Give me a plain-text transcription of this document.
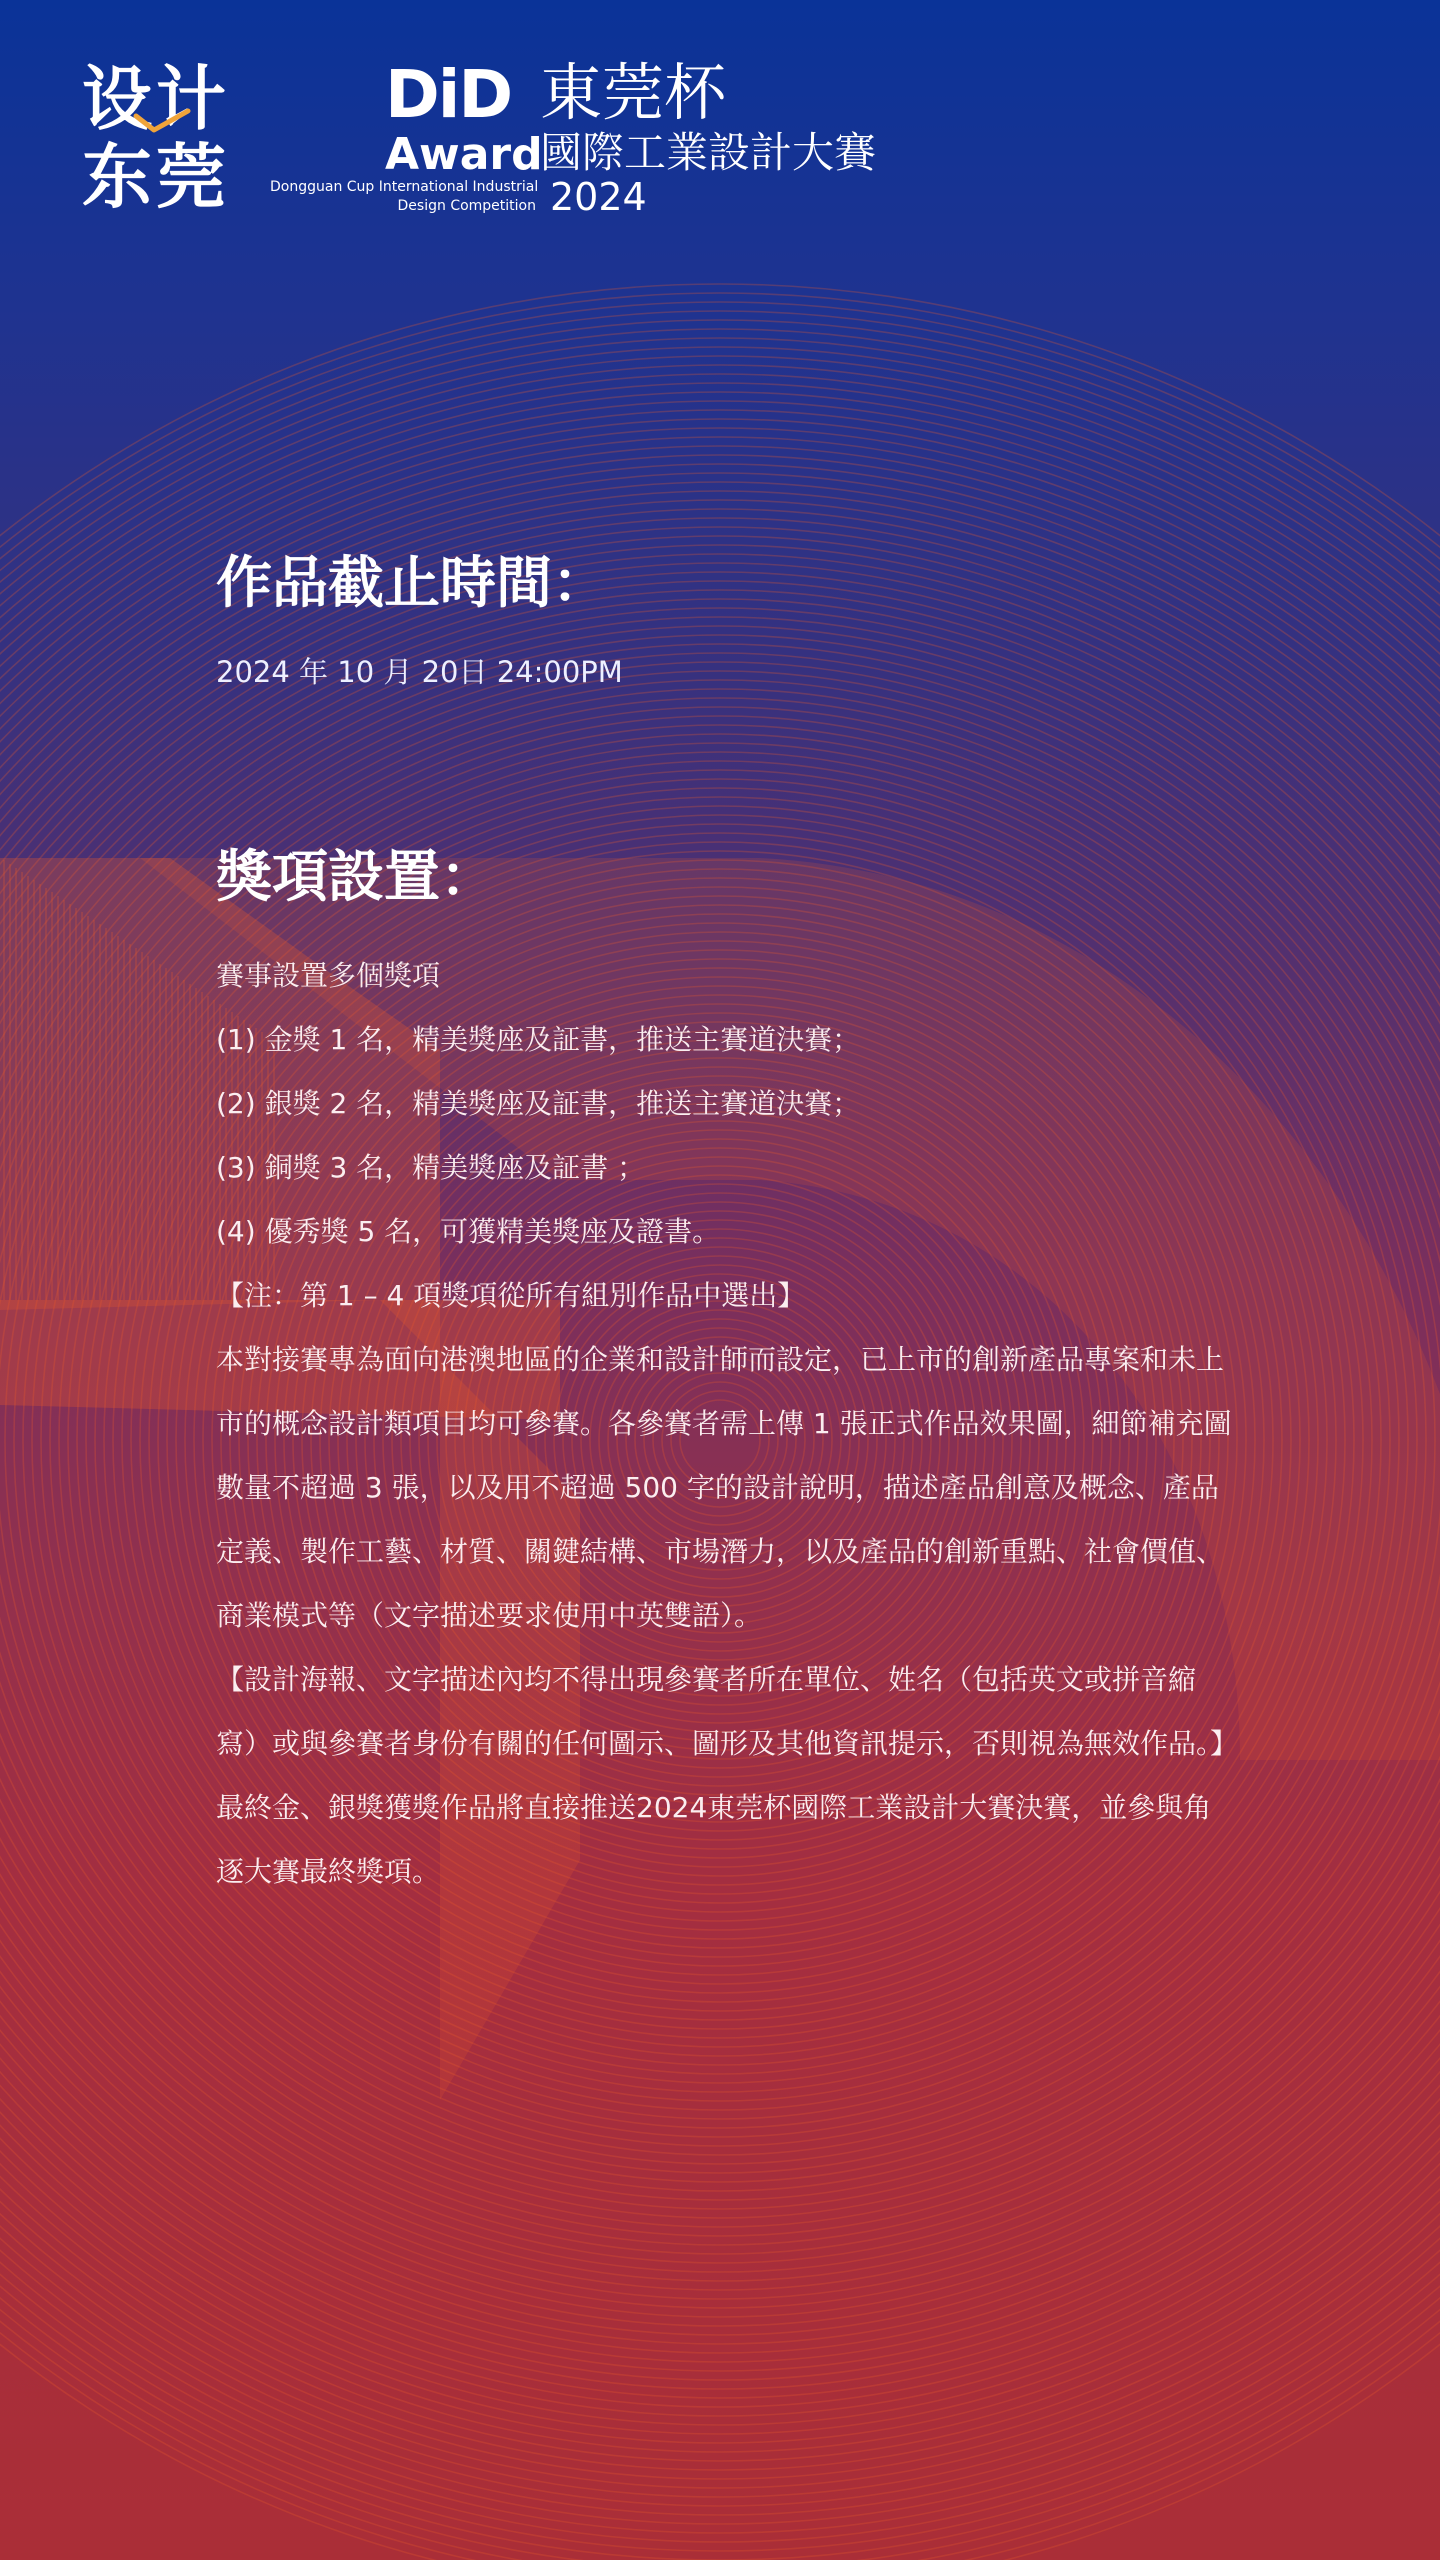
设计
东莞
DiD
Award
東莞杯
國際工業設計大賽
2024
Dongguan Cup International Industrial
Design Competition
作品截止時間：
2024 年 10 月 20日 24:00PM
獎項設置：

賽事設置多個獎項

(1) 金獎 1 名，精美獎座及証書，推送主賽道決賽；

(2) 銀獎 2 名，精美獎座及証書，推送主賽道決賽；

(3) 銅獎 3 名，精美獎座及証書 ；

(4) 優秀獎 5 名，可獲精美獎座及證書。

【注：第 1 – 4 項獎項從所有組別作品中選出】

本對接賽專為面向港澳地區的企業和設計師而設定，已上市的創新產品專案和未上市的概念設計類項目均可參賽。各參賽者需上傳 1 張正式作品效果圖，細節補充圖數量不超過 3 張，以及用不超過 500 字的設計說明，描述產品創意及概念、產品定義、製作工藝、材質、關鍵結構、市場潛力，以及產品的創新重點、社會價值、商業模式等（文字描述要求使用中英雙語）。

【設計海報、文字描述內均不得出現參賽者所在單位、姓名（包括英文或拼音縮寫）或與參賽者身份有關的任何圖示、圖形及其他資訊提示，否則視為無效作品。】

最終金、銀獎獲獎作品將直接推送2024東莞杯國際工業設計大賽決賽，並參與角逐大賽最終獎項。
